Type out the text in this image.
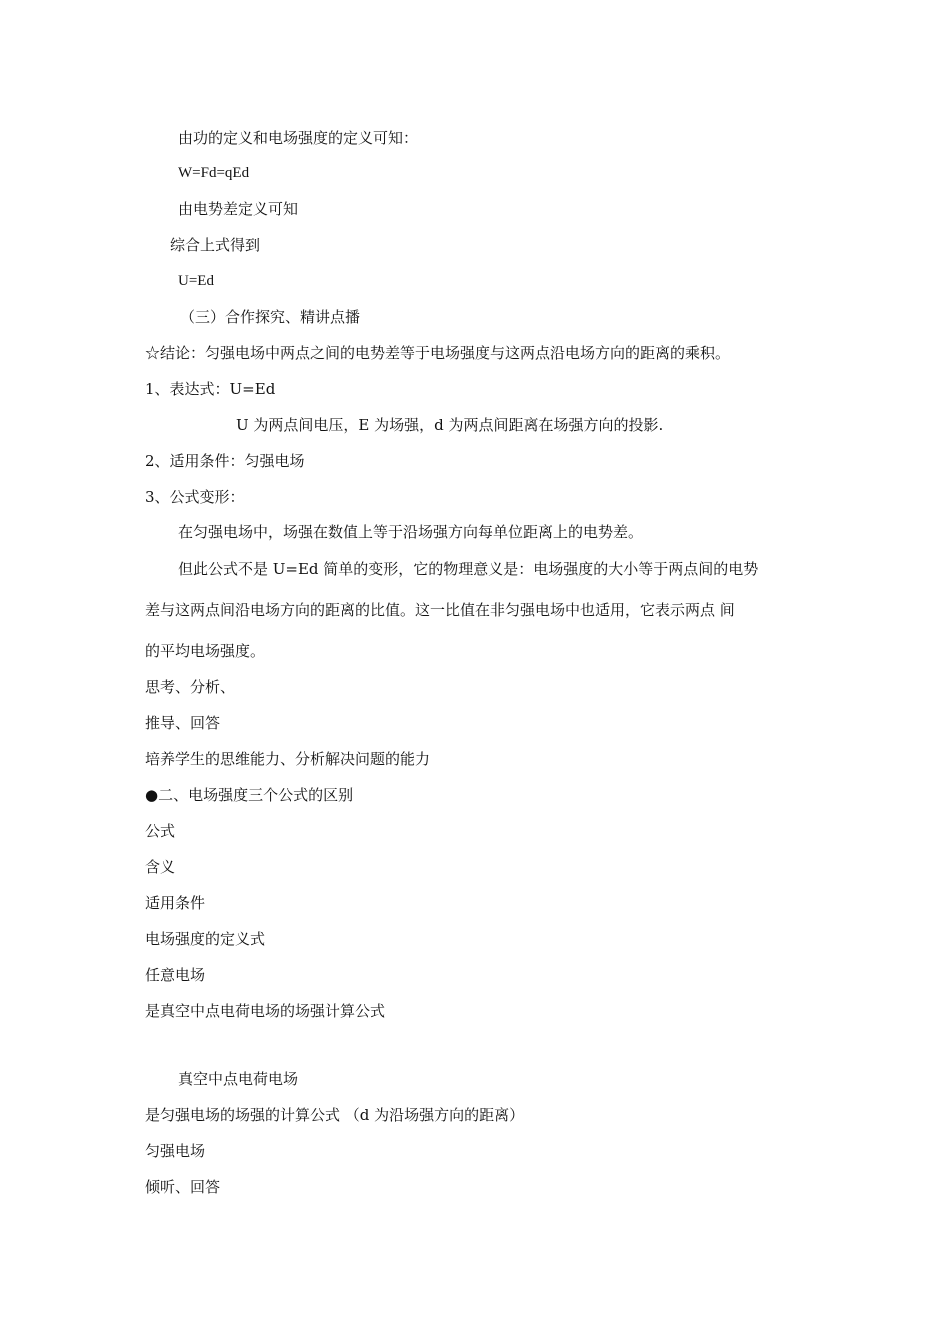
由功的定义和电场强度的定义可知：
W=Fd=qEd
由电势差定义可知
综合上式得到
U=Ed
（三）合作探究、精讲点播
☆结论：匀强电场中两点之间的电势差等于电场强度与这两点沿电场方向的距离的乘积。
1、表达式：U=Ed
U 为两点间电压，E 为场强，d 为两点间距离在场强方向的投影.
2、适用条件：匀强电场
3、公式变形：
在匀强电场中，场强在数值上等于沿场强方向每单位距离上的电势差。
但此公式不是 U=Ed 简单的变形，它的物理意义是：电场强度的大小等于两点间的电势
差与这两点间沿电场方向的距离的比值。这一比值在非匀强电场中也适用，它表示两点 间
的平均电场强度。
思考、分析、
推导、回答
培养学生的思维能力、分析解决问题的能力
●二、电场强度三个公式的区别
公式
含义
适用条件
电场强度的定义式
任意电场
是真空中点电荷电场的场强计算公式
真空中点电荷电场
是匀强电场的场强的计算公式 （d 为沿场强方向的距离）
匀强电场
倾听、回答
